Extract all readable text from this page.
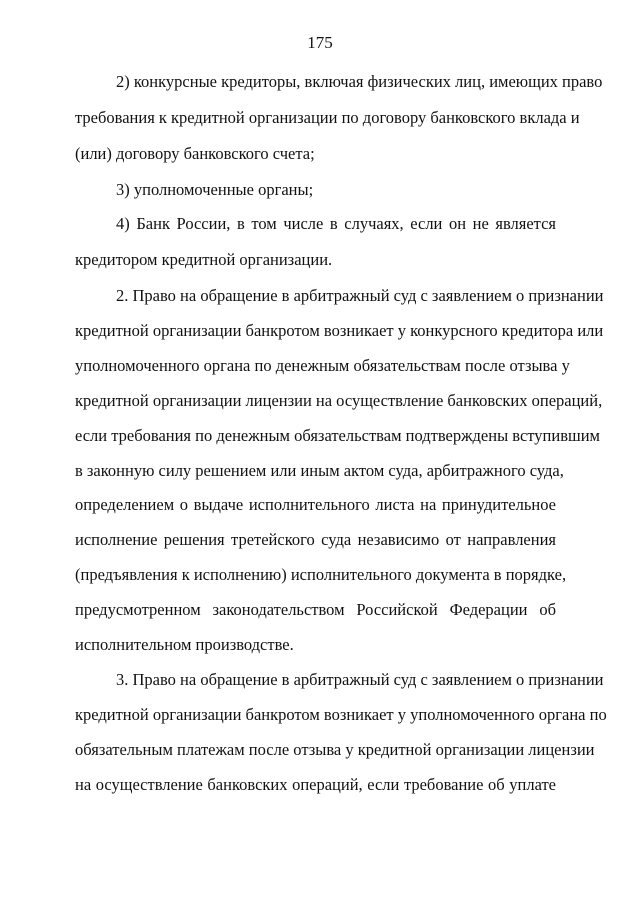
175
2) конкурсные кредиторы, включая физических лиц, имеющих право
требования к кредитной организации по договору банковского вклада и
(или) договору банковского счета;
3) уполномоченные органы;
4) Банк России, в том числе в случаях, если он не является
кредитором кредитной организации.
2. Право на обращение в арбитражный суд с заявлением о признании
кредитной организации банкротом возникает у конкурсного кредитора или
уполномоченного органа по денежным обязательствам после отзыва у
кредитной организации лицензии на осуществление банковских операций,
если требования по денежным обязательствам подтверждены вступившим
в законную силу решением или иным актом суда, арбитражного суда,
определением о выдаче исполнительного листа на принудительное
исполнение решения третейского суда независимо от направления
(предъявления к исполнению) исполнительного документа в порядке,
предусмотренном законодательством Российской Федерации об
исполнительном производстве.
3. Право на обращение в арбитражный суд с заявлением о признании
кредитной организации банкротом возникает у уполномоченного органа по
обязательным платежам после отзыва у кредитной организации лицензии
на осуществление банковских операций, если требование об уплате
